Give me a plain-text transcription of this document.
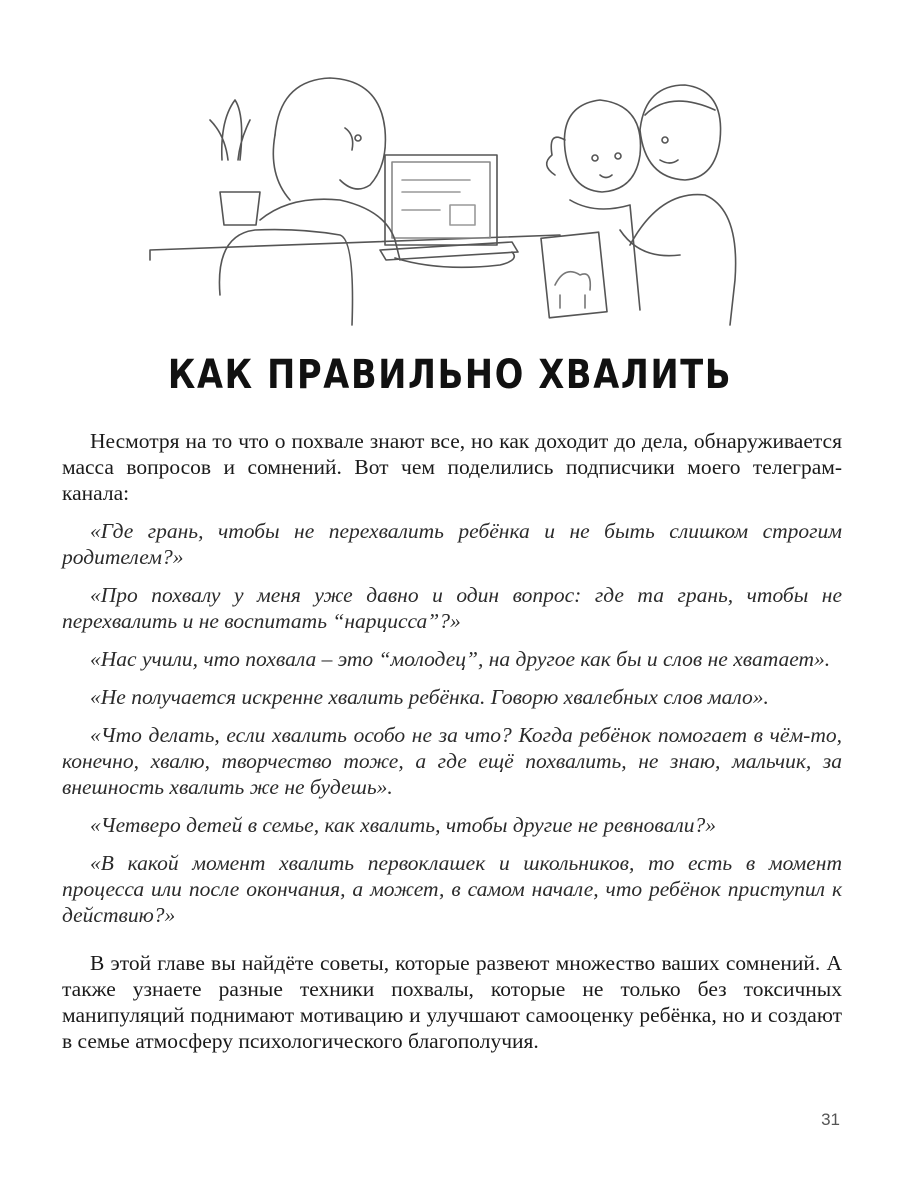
КАК ПРАВИЛЬНО ХВАЛИТЬ

Несмотря на то что о похвале знают все, но как доходит до дела, обнаруживается масса вопросов и сомнений. Вот чем поделились подписчики моего телеграм-канала:

«Где грань, чтобы не перехвалить ребёнка и не быть слишком строгим родителем?»

«Про похвалу у меня уже давно и один вопрос: где та грань, чтобы не перехвалить и не воспитать “нарцисса”?»

«Нас учили, что похвала – это “молодец”, на другое как бы и слов не хватает».

«Не получается искренне хвалить ребёнка. Говорю хвалебных слов мало».

«Что делать, если хвалить особо не за что? Когда ребёнок помогает в чём-то, конечно, хвалю, творчество тоже, а где ещё похвалить, не знаю, мальчик, за внешность хвалить же не будешь».

«Четверо детей в семье, как хвалить, чтобы другие не ревновали?»

«В какой момент хвалить первоклашек и школьников, то есть в момент процесса или после окончания, а может, в самом начале, что ребёнок приступил к действию?»

В этой главе вы найдёте советы, которые развеют множество ваших сомнений. А также узнаете разные техники похвалы, которые не только без токсичных манипуляций поднимают мотивацию и улучшают самооценку ребёнка, но и создают в семье атмосферу психологического благополучия.

31
